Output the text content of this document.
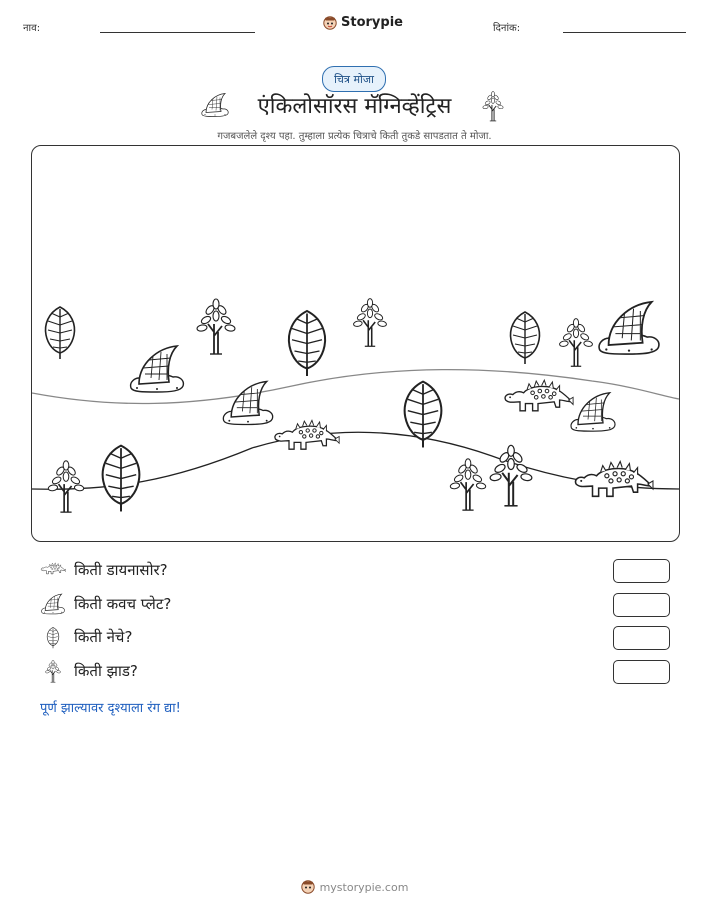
नाव:	Storypie	दिनांक:
चित्र मोजा
एंकिलोसॉरस मॅग्निव्हेंट्रिस
गजबजलेले दृश्य पहा. तुम्हाला प्रत्येक चित्राचे किती तुकडे सापडतात ते मोजा.
किती डायनासोर?
किती कवच प्लेट?
किती नेचे?
किती झाड?
पूर्ण झाल्यावर दृश्याला रंग द्या!
mystorypie.com
